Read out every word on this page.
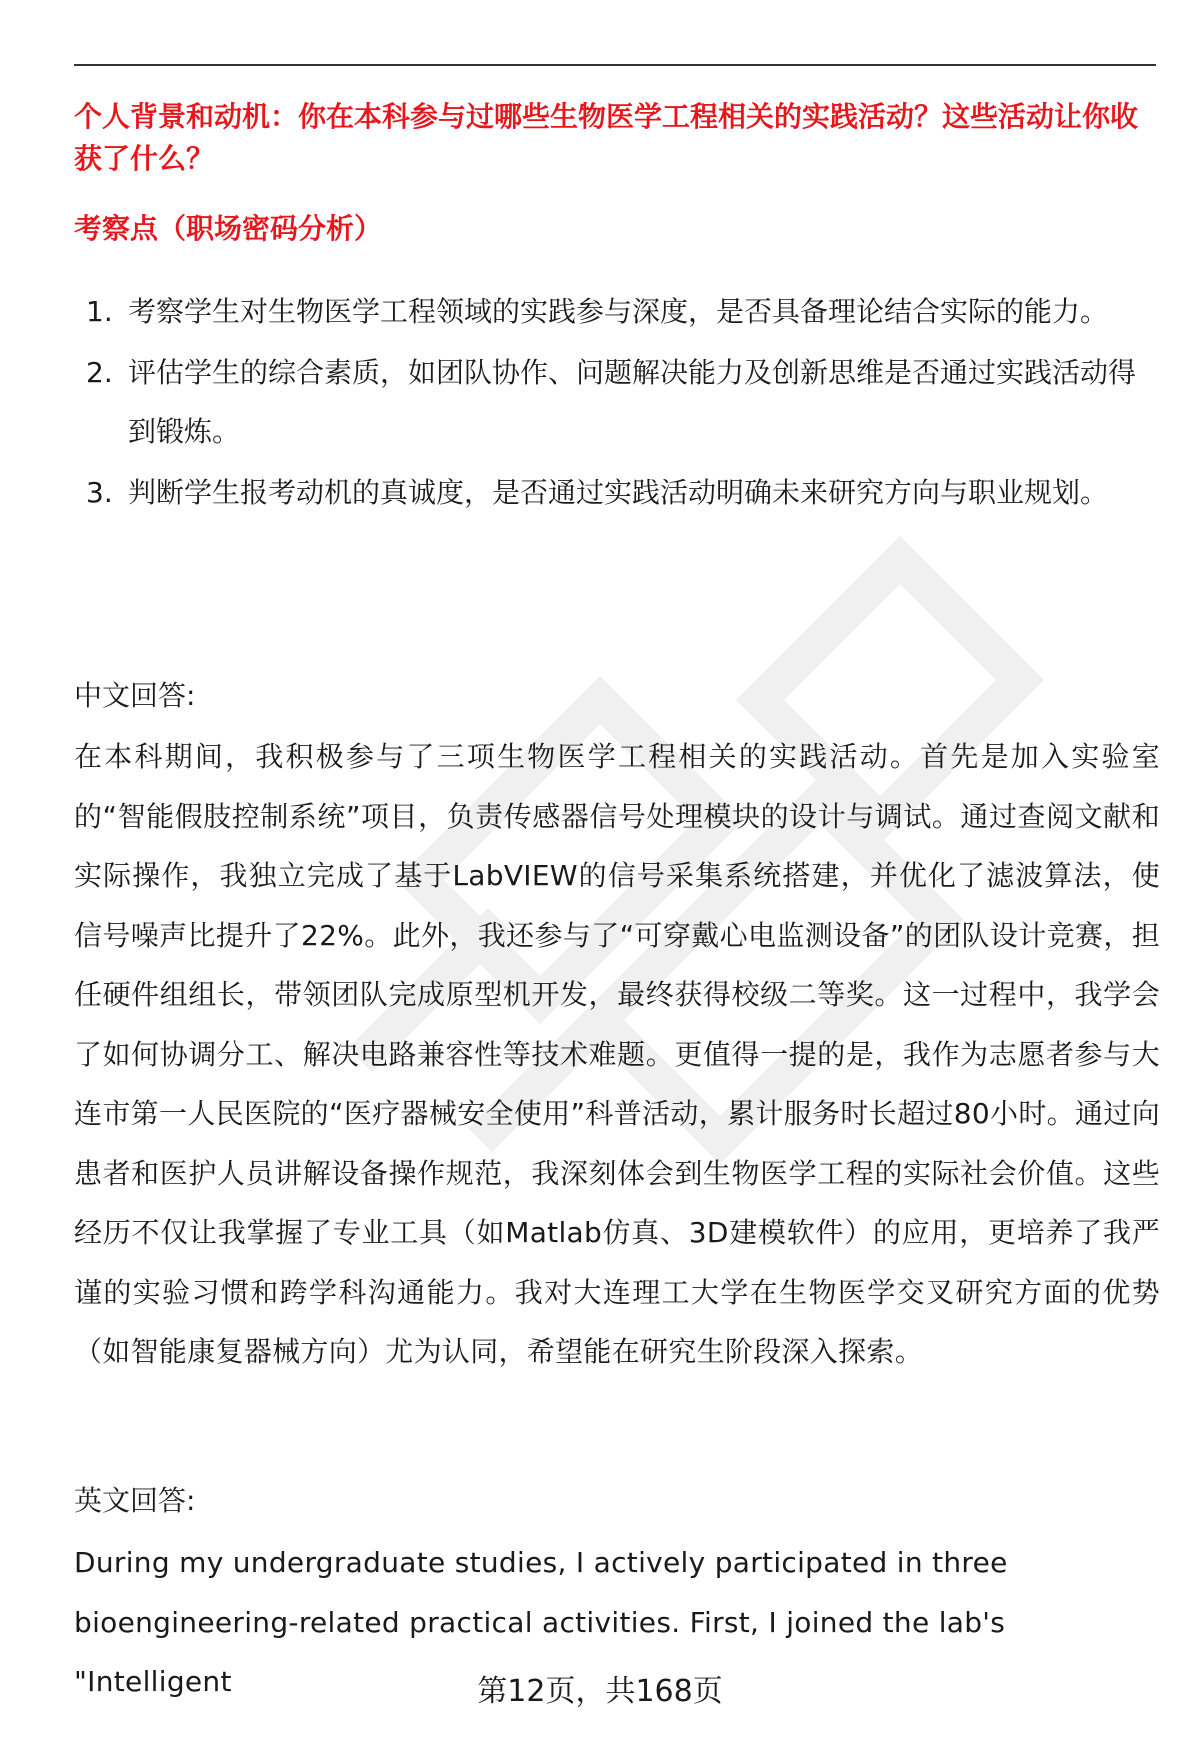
个人背景和动机：你在本科参与过哪些生物医学工程相关的实践活动？这些活动让你收获了什么？
考察点（职场密码分析）
1. 考察学生对生物医学工程领域的实践参与深度，是否具备理论结合实际的能力。
2. 评估学生的综合素质，如团队协作、问题解决能力及创新思维是否通过实践活动得到锻炼。
3. 判断学生报考动机的真诚度，是否通过实践活动明确未来研究方向与职业规划。

中文回答:

在本科期间，我积极参与了三项生物医学工程相关的实践活动。首先是加入实验室的“智能假肢控制系统”项目，负责传感器信号处理模块的设计与调试。通过查阅文献和实际操作，我独立完成了基于LabVIEW的信号采集系统搭建，并优化了滤波算法，使信号噪声比提升了22%。此外，我还参与了“可穿戴心电监测设备”的团队设计竞赛，担任硬件组组长，带领团队完成原型机开发，最终获得校级二等奖。这一过程中，我学会了如何协调分工、解决电路兼容性等技术难题。更值得一提的是，我作为志愿者参与大连市第一人民医院的“医疗器械安全使用”科普活动，累计服务时长超过80小时。通过向患者和医护人员讲解设备操作规范，我深刻体会到生物医学工程的实际社会价值。这些经历不仅让我掌握了专业工具（如Matlab仿真、3D建模软件）的应用，更培养了我严谨的实验习惯和跨学科沟通能力。我对大连理工大学在生物医学交叉研究方面的优势（如智能康复器械方向）尤为认同，希望能在研究生阶段深入探索。

英文回答:

During my undergraduate studies, I actively participated in three bioengineering-related practical activities. First, I joined the lab's "Intelligent	第12页，共168页
